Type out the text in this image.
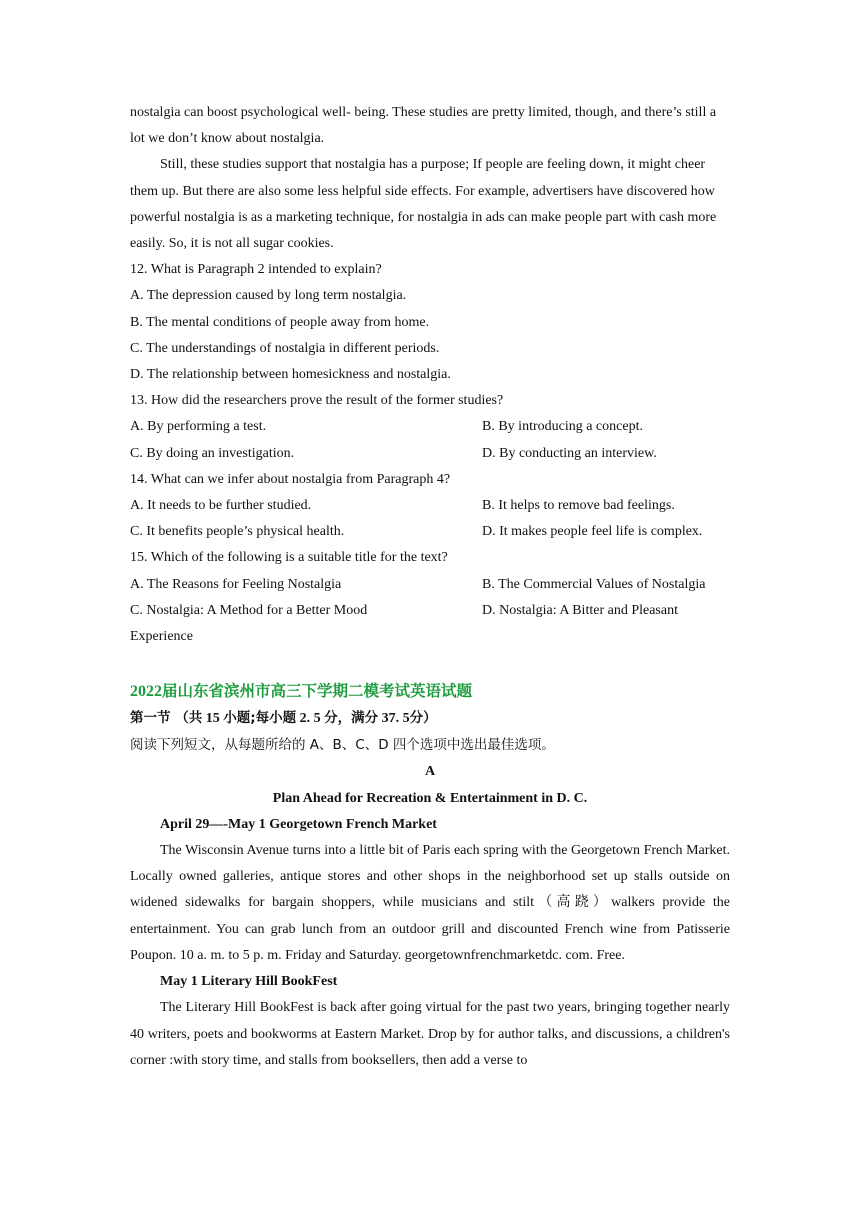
nostalgia can boost psychological well- being. These studies are pretty limited, though, and there’s still a lot we don’t know about nostalgia.

Still, these studies support that nostalgia has a purpose; If people are feeling down, it might cheer them up. But there are also some less helpful side effects. For example, advertisers have discovered how powerful nostalgia is as a marketing technique, for nostalgia in ads can make people part with cash more easily. So, it is not all sugar cookies.

12. What is Paragraph 2 intended to explain?

A. The depression caused by long term nostalgia.

B. The mental conditions of people away from home.

C. The understandings of nostalgia in different periods.

D. The relationship between homesickness and nostalgia.

13. How did the researchers prove the result of the former studies?

A. By performing a test.	B. By introducing a concept.
C. By doing an investigation.	D. By conducting an interview.

14. What can we infer about nostalgia from Paragraph 4?

A. It needs to be further studied.	B. It helps to remove bad feelings.
C. It benefits people’s physical health.	D. It makes people feel life is complex.

15. Which of the following is a suitable title for the text?

A. The Reasons for Feeling Nostalgia	B. The Commercial Values of Nostalgia
C. Nostalgia: A Method for a Better Mood	D. Nostalgia: A Bitter and Pleasant

Experience

2022届山东省滨州市高三下学期二模考试英语试题
第一节 （共 15 小题;每小题 2. 5 分，满分 37. 5分）

阅读下列短文，从每题所给的 A、B、C、D 四个选项中选出最佳选项。

A

Plan Ahead for Recreation & Entertainment in D. C.

April 29—-May 1 Georgetown French Market

The Wisconsin Avenue turns into a little bit of Paris each spring with the Georgetown French Market. Locally owned galleries, antique stores and other shops in the neighborhood set up stalls outside on widened sidewalks for bargain shoppers, while musicians and stilt（高跷）walkers provide the entertainment. You can grab lunch from an outdoor grill and discounted French wine from Patisserie Poupon. 10 a. m. to 5 p. m. Friday and Saturday. georgetownfrenchmarketdc. com. Free.

May 1 Literary Hill BookFest

The Literary Hill BookFest is back after going virtual for the past two years, bringing together nearly 40 writers, poets and bookworms at Eastern Market. Drop by for author talks, and discussions, a children's corner :with story time, and stalls from booksellers, then add a verse to
